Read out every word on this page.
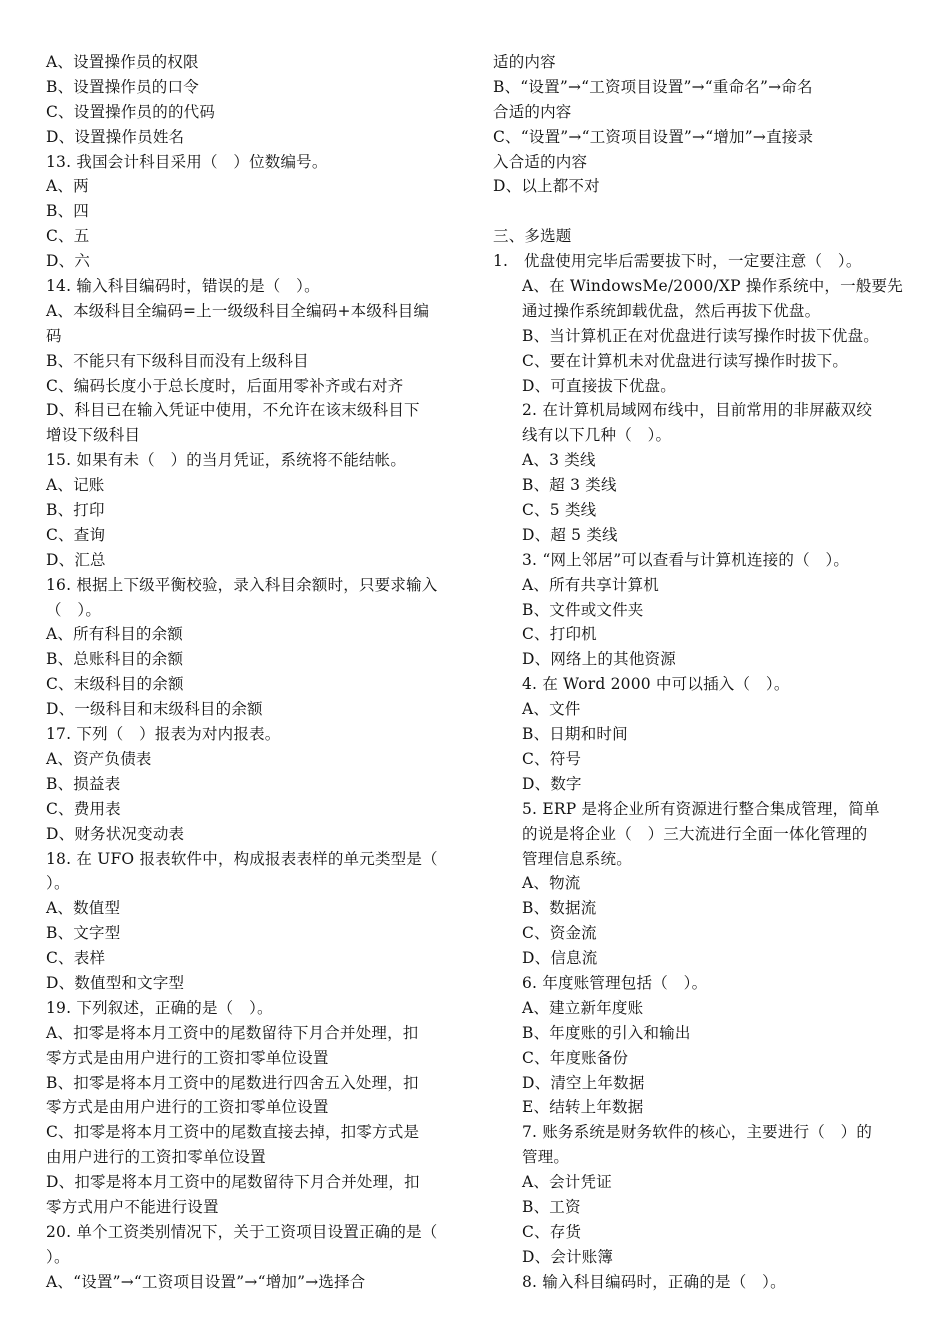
A、设置操作员的权限
B、设置操作员的口令
C、设置操作员的的代码
D、设置操作员姓名
13. 我国会计科目采用（　）位数编号。
A、两
B、四
C、五
D、六
14. 输入科目编码时，错误的是（　）。
A、本级科目全编码=上一级级科目全编码+本级科目编
码
B、不能只有下级科目而没有上级科目
C、编码长度小于总长度时，后面用零补齐或右对齐
D、科目已在输入凭证中使用，不允许在该末级科目下
增设下级科目
15. 如果有未（　）的当月凭证，系统将不能结帐。
A、记账
B、打印
C、查询
D、汇总
16. 根据上下级平衡校验，录入科目余额时，只要求输入
（　）。
A、所有科目的余额
B、总账科目的余额
C、末级科目的余额
D、一级科目和末级科目的余额
17. 下列（　）报表为对内报表。
A、资产负债表
B、损益表
C、费用表
D、财务状况变动表
18. 在 UFO 报表软件中，构成报表表样的单元类型是（
）。
A、数值型
B、文字型
C、表样
D、数值型和文字型
19. 下列叙述，正确的是（　）。
A、扣零是将本月工资中的尾数留待下月合并处理，扣
零方式是由用户进行的工资扣零单位设置
B、扣零是将本月工资中的尾数进行四舍五入处理，扣
零方式是由用户进行的工资扣零单位设置
C、扣零是将本月工资中的尾数直接去掉，扣零方式是
由用户进行的工资扣零单位设置
D、扣零是将本月工资中的尾数留待下月合并处理，扣
零方式用户不能进行设置
20. 单个工资类别情况下，关于工资项目设置正确的是（
）。
A、“设置”→“工资项目设置”→“增加”→选择合
适的内容
B、“设置”→“工资项目设置”→“重命名”→命名
合适的内容
C、“设置”→“工资项目设置”→“增加”→直接录
入合适的内容
D、以上都不对
三、多选题
1.　优盘使用完毕后需要拔下时，一定要注意（　）。
A、在 WindowsMe/2000/XP 操作系统中，一般要先
通过操作系统卸载优盘，然后再拔下优盘。
B、当计算机正在对优盘进行读写操作时拔下优盘。
C、要在计算机未对优盘进行读写操作时拔下。
D、可直接拔下优盘。
2. 在计算机局域网布线中，目前常用的非屏蔽双绞
线有以下几种（　）。
A、3 类线
B、超 3 类线
C、5 类线
D、超 5 类线
3. “网上邻居”可以查看与计算机连接的（　）。
A、所有共享计算机
B、文件或文件夹
C、打印机
D、网络上的其他资源
4. 在 Word 2000 中可以插入（　）。
A、文件
B、日期和时间
C、符号
D、数字
5. ERP 是将企业所有资源进行整合集成管理，简单
的说是将企业（　）三大流进行全面一体化管理的
管理信息系统。
A、物流
B、数据流
C、资金流
D、信息流
6. 年度账管理包括（　）。
A、建立新年度账
B、年度账的引入和输出
C、年度账备份
D、清空上年数据
E、结转上年数据
7. 账务系统是财务软件的核心，主要进行（　）的
管理。
A、会计凭证
B、工资
C、存货
D、会计账簿
8. 输入科目编码时，正确的是（　）。
